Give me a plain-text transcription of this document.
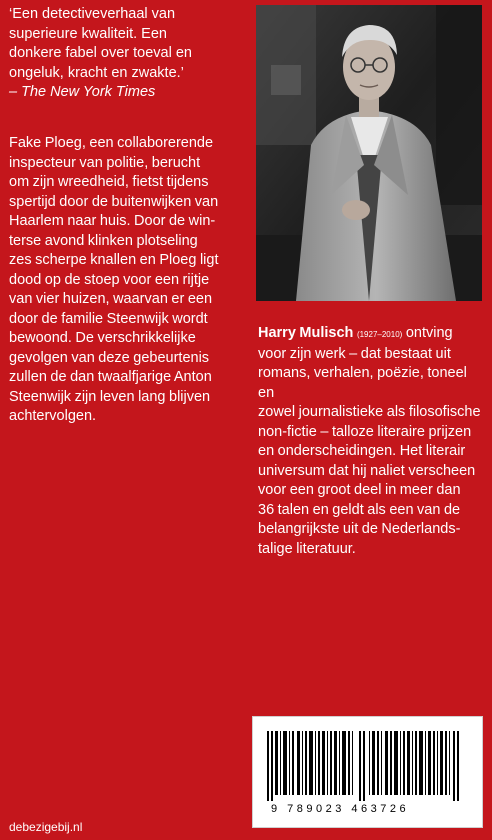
‘Een detectiveverhaal van
superieure kwaliteit. Een
donkere fabel over toeval en
ongeluk, kracht en zwakte.’
– The New York Times

Fake Ploeg, een collaborerende

inspecteur van politie, berucht

om zijn wreedheid, fietst tijdens

spertijd door de buitenwijken van

Haarlem naar huis. Door de win-

terse avond klinken plotseling

zes scherpe knallen en Ploeg ligt

dood op de stoep voor een rijtje

van vier huizen, waarvan er een

door de familie Steenwijk wordt

bewoond. De verschrikkelijke

gevolgen van deze gebeurtenis

zullen de dan twaalfjarige Anton

Steenwijk zijn leven lang blijven

achtervolgen.

Harry Mulisch (1927–2010) ontving
voor zijn werk – dat bestaat uit
romans, verhalen, poëzie, toneel en
zowel journalistieke als filosofische
non-fictie – talloze literaire prijzen
en onderscheidingen. Het literair
universum dat hij naliet verscheen
voor een groot deel in meer dan
36 talen en geldt als een van de
belangrijkste uit de Nederlands-
talige literatuur.
9 789023 463726
debezigebij.nl
